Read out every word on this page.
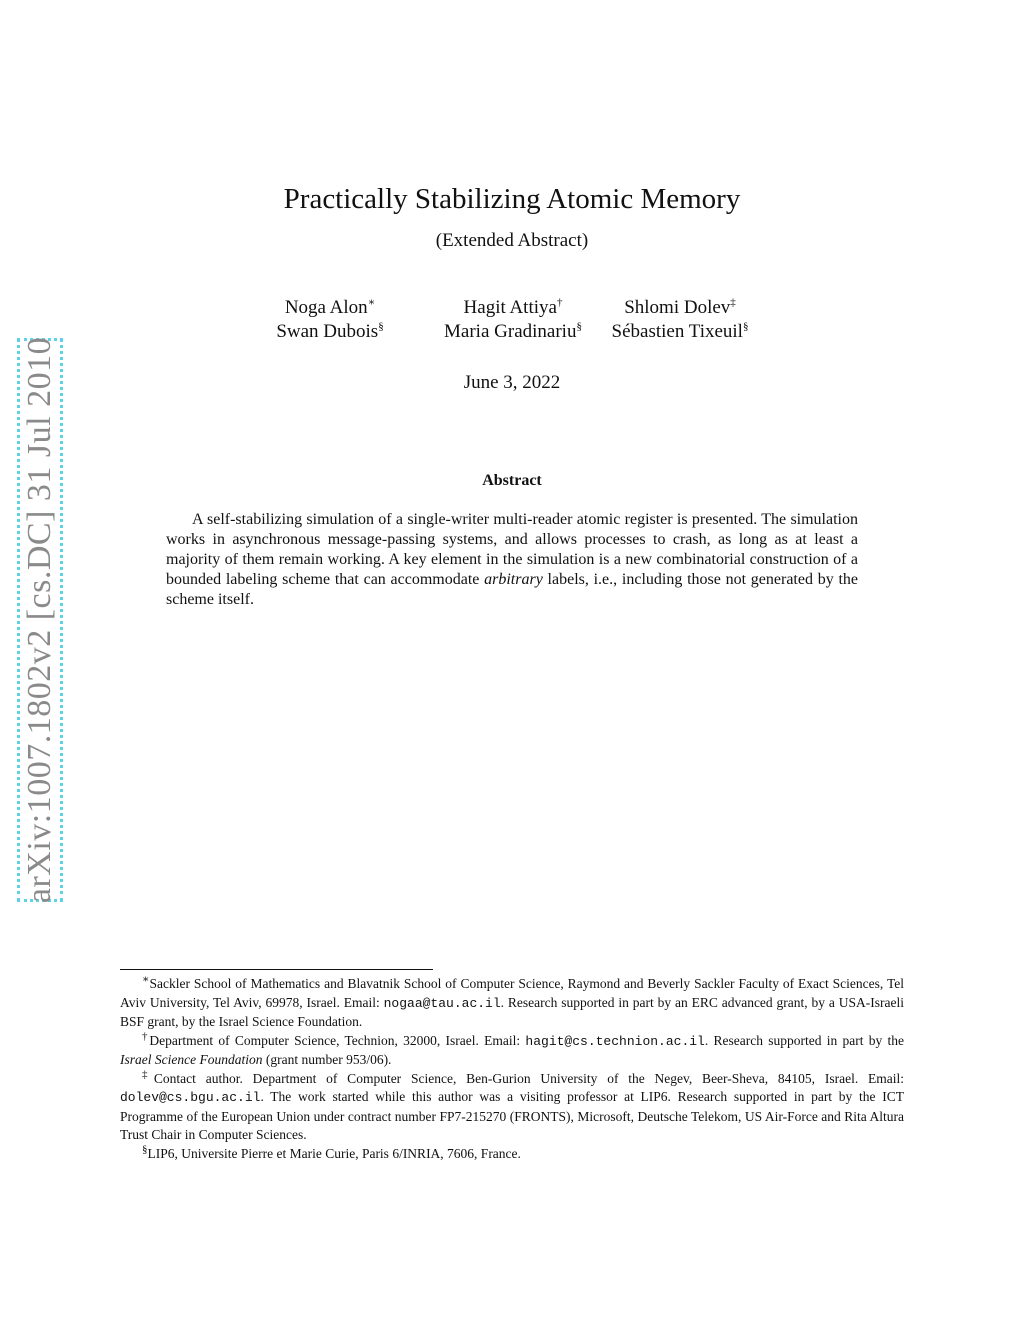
arXiv:1007.1802v2 [cs.DC] 31 Jul 2010
Practically Stabilizing Atomic Memory
(Extended Abstract)
Noga Alon∗	Hagit Attiya†	Shlomi Dolev‡
Swan Dubois§	Maria Gradinariu§	Sébastien Tixeuil§
June 3, 2022
Abstract

A self-stabilizing simulation of a single-writer multi-reader atomic register is presented. The simulation works in asynchronous message-passing systems, and allows processes to crash, as long as at least a majority of them remain working. A key element in the simulation is a new combinatorial construction of a bounded labeling scheme that can accommodate arbitrary labels, i.e., including those not generated by the scheme itself.

∗Sackler School of Mathematics and Blavatnik School of Computer Science, Raymond and Beverly Sackler Faculty of Exact Sciences, Tel Aviv University, Tel Aviv, 69978, Israel. Email: nogaa@tau.ac.il. Research supported in part by an ERC advanced grant, by a USA-Israeli BSF grant, by the Israel Science Foundation.

†Department of Computer Science, Technion, 32000, Israel. Email: hagit@cs.technion.ac.il. Research supported in part by the Israel Science Foundation (grant number 953/06).

‡Contact author. Department of Computer Science, Ben-Gurion University of the Negev, Beer-Sheva, 84105, Israel. Email: dolev@cs.bgu.ac.il. The work started while this author was a visiting professor at LIP6. Research supported in part by the ICT Programme of the European Union under contract number FP7-215270 (FRONTS), Microsoft, Deutsche Telekom, US Air-Force and Rita Altura Trust Chair in Computer Sciences.

§LIP6, Universite Pierre et Marie Curie, Paris 6/INRIA, 7606, France.
